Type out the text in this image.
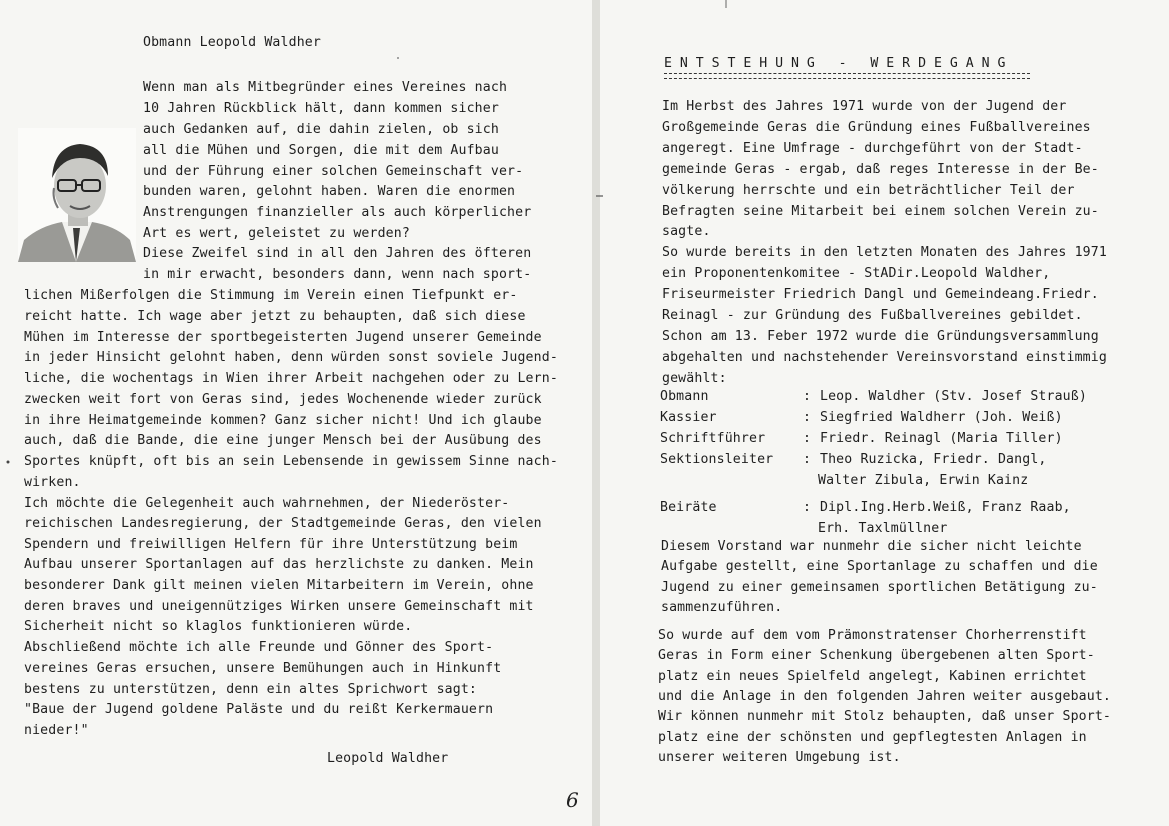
Obmann Leopold Waldher
Wenn man als Mitbegründer eines Vereines nach
10 Jahren Rückblick hält, dann kommen sicher
auch Gedanken auf, die dahin zielen, ob sich
all die Mühen und Sorgen, die mit dem Aufbau
und der Führung einer solchen Gemeinschaft ver-
bunden waren, gelohnt haben. Waren die enormen
Anstrengungen finanzieller als auch körperlicher
Art es wert, geleistet zu werden?
Diese Zweifel sind in all den Jahren des öfteren
in mir erwacht, besonders dann, wenn nach sport-
lichen Mißerfolgen die Stimmung im Verein einen Tiefpunkt er-
reicht hatte. Ich wage aber jetzt zu behaupten, daß sich diese
Mühen im Interesse der sportbegeisterten Jugend unserer Gemeinde
in jeder Hinsicht gelohnt haben, denn würden sonst soviele Jugend-
liche, die wochentags in Wien ihrer Arbeit nachgehen oder zu Lern-
zwecken weit fort von Geras sind, jedes Wochenende wieder zurück
in ihre Heimatgemeinde kommen? Ganz sicher nicht! Und ich glaube
auch, daß die Bande, die eine junger Mensch bei der Ausübung des
Sportes knüpft, oft bis an sein Lebensende in gewissem Sinne nach-
wirken.
Ich möchte die Gelegenheit auch wahrnehmen, der Niederöster-
reichischen Landesregierung, der Stadtgemeinde Geras, den vielen
Spendern und freiwilligen Helfern für ihre Unterstützung beim
Aufbau unserer Sportanlagen auf das herzlichste zu danken. Mein
besonderer Dank gilt meinen vielen Mitarbeitern im Verein, ohne
deren braves und uneigennütziges Wirken unsere Gemeinschaft mit
Sicherheit nicht so klaglos funktionieren würde.
Abschließend möchte ich alle Freunde und Gönner des Sport-
vereines Geras ersuchen, unsere Bemühungen auch in Hinkunft
bestens zu unterstützen, denn ein altes Sprichwort sagt:
"Baue der Jugend goldene Paläste und du reißt Kerkermauern
nieder!"
Leopold Waldher
6
E N T S T E H U N G   -   W E R D E G A N G
Im Herbst des Jahres 1971 wurde von der Jugend der
Großgemeinde Geras die Gründung eines Fußballvereines
angeregt. Eine Umfrage - durchgeführt von der Stadt-
gemeinde Geras - ergab, daß reges Interesse in der Be-
völkerung herrschte und ein beträchtlicher Teil der
Befragten seine Mitarbeit bei einem solchen Verein zu-
sagte.
So wurde bereits in den letzten Monaten des Jahres 1971
ein Proponentenkomitee - StADir.Leopold Waldher,
Friseurmeister Friedrich Dangl und Gemeindeang.Friedr.
Reinagl - zur Gründung des Fußballvereines gebildet.
Schon am 13. Feber 1972 wurde die Gründungsversammlung
abgehalten und nachstehender Vereinsvorstand einstimmig
gewählt:
Obmann	: Leop. Waldher (Stv. Josef Strauß)
Kassier	: Siegfried Waldherr (Joh. Weiß)
Schriftführer	: Friedr. Reinagl (Maria Tiller)
Sektionsleiter : Theo Ruzicka, Friedr. Dangl,
Walter Zibula, Erwin Kainz
Beiräte	: Dipl.Ing.Herb.Weiß, Franz Raab,
Erh. Taxlmüllner
Diesem Vorstand war nunmehr die sicher nicht leichte
Aufgabe gestellt, eine Sportanlage zu schaffen und die
Jugend zu einer gemeinsamen sportlichen Betätigung zu-
sammenzuführen.
So wurde auf dem vom Prämonstratenser Chorherrenstift
Geras in Form einer Schenkung übergebenen alten Sport-
platz ein neues Spielfeld angelegt, Kabinen errichtet
und die Anlage in den folgenden Jahren weiter ausgebaut.
Wir können nunmehr mit Stolz behaupten, daß unser Sport-
platz eine der schönsten und gepflegtesten Anlagen in
unserer weiteren Umgebung ist.
